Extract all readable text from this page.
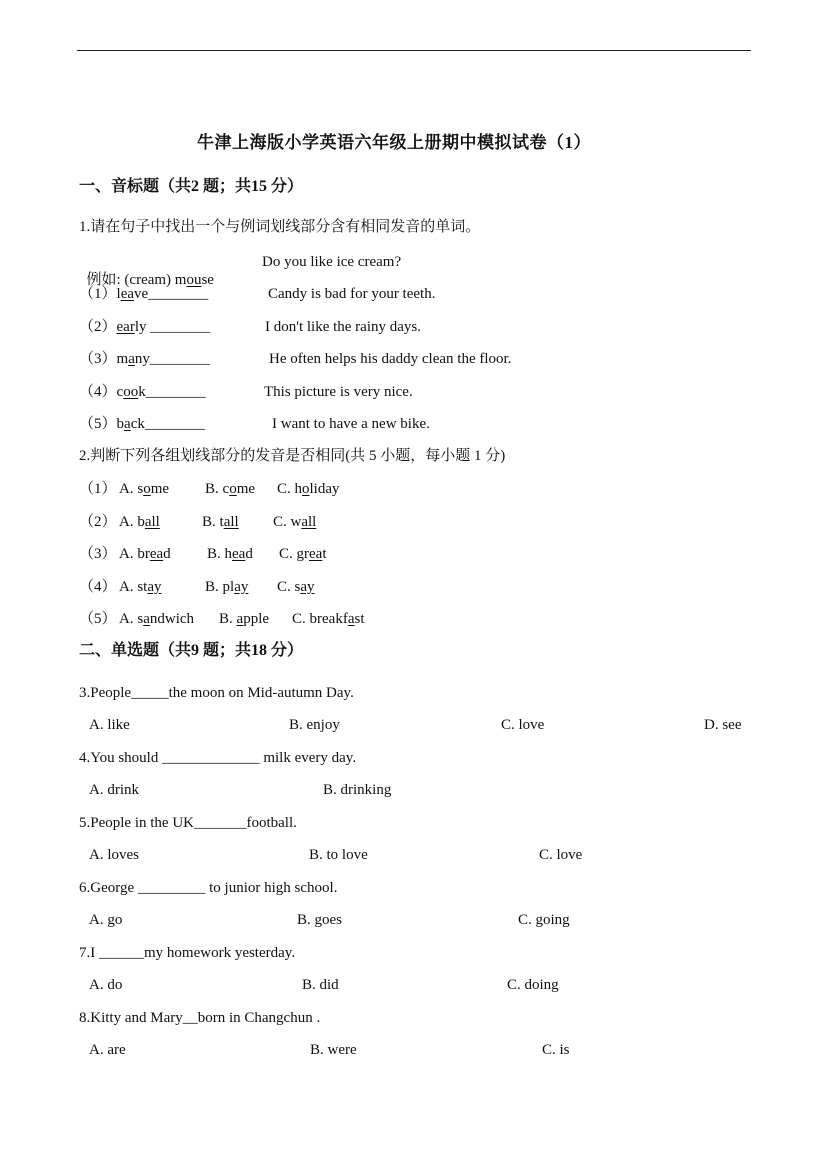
牛津上海版小学英语六年级上册期中模拟试卷（1）
一、音标题（共2 题；共15 分）
1.请在句子中找出一个与例词划线部分含有相同发音的单词。

例如: (cream) mouse

Do you like ice cream?
（1）leave________	Candy is bad for your teeth.
（2）early ________	I don't like the rainy days.
（3）many________	He often helps his daddy clean the floor.
（4）cook________	This picture is very nice.
（5）back________	I want to have a new bike.
2.判断下列各组划线部分的发音是否相同(共 5 小题，每小题 1 分)
（1） A. some B. come C. holiday
（2） A. ball	B. tall C. wall
（3） A. bread B. head C. great
（4） A. stay	B. play C. say
（5） A. sandwich B. apple C. breakfast
二、单选题（共9 题；共18 分）
3.People_____the moon on Mid-autumn Day.
A. like	B. enjoy	C. love	D. see
4.You should _____________ milk every day.
A. drink	B. drinking
5.People in the UK_______football.
A. loves	B. to love	C. love
6.George _________ to junior high school.
A. go	B. goes	C. going
7.I ______my homework yesterday.
A. do	B. did	C. doing
8.Kitty and Mary__born in Changchun .
A. are	B. were	C. is
